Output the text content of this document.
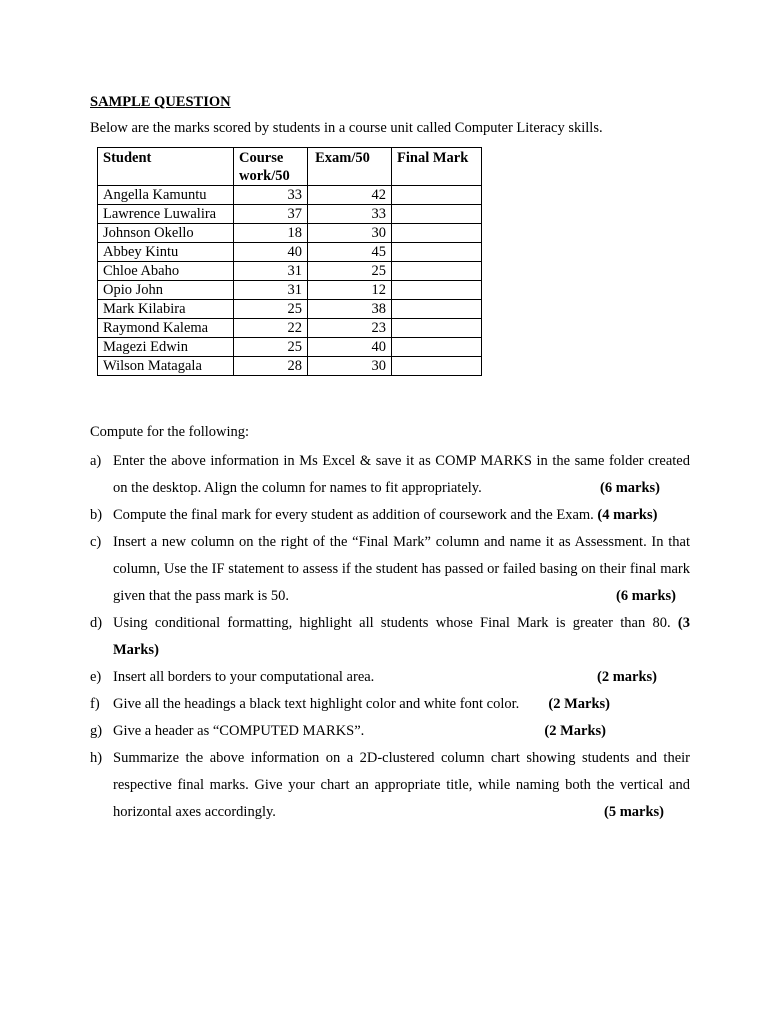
SAMPLE QUESTION

Below are the marks scored by students in a course unit called Computer Literacy skills.

Student	Course work/50	Exam/50	Final Mark
Angella Kamuntu	33	42	
Lawrence Luwalira	37	33	
Johnson Okello	18	30	
Abbey Kintu	40	45	
Chloe Abaho	31	25	
Opio John	31	12	
Mark Kilabira	25	38	
Raymond Kalema	22	23	
Magezi Edwin	25	40	
Wilson Matagala	28	30	

Compute for the following:

a) Enter the above information in Ms Excel & save it as COMP MARKS in the same folder created on the desktop. Align the column for names to fit appropriately.	(6 marks)
b) Compute the final mark for every student as addition of coursework and the Exam. (4 marks)
c) Insert a new column on the right of the “Final Mark” column and name it as Assessment. In that column, Use the IF statement to assess if the student has passed or failed basing on their final mark given that the pass mark is 50.	(6 marks)
d) Using conditional formatting, highlight all students whose Final Mark is greater than 80. (3 Marks)
e) Insert all borders to your computational area.	(2 marks)
f) Give all the headings a black text highlight color and white font color. (2 Marks)
g) Give a header as “COMPUTED MARKS”.	(2 Marks)
h) Summarize the above information on a 2D-clustered column chart showing students and their respective final marks. Give your chart an appropriate title, while naming both the vertical and horizontal axes accordingly.	(5 marks)
